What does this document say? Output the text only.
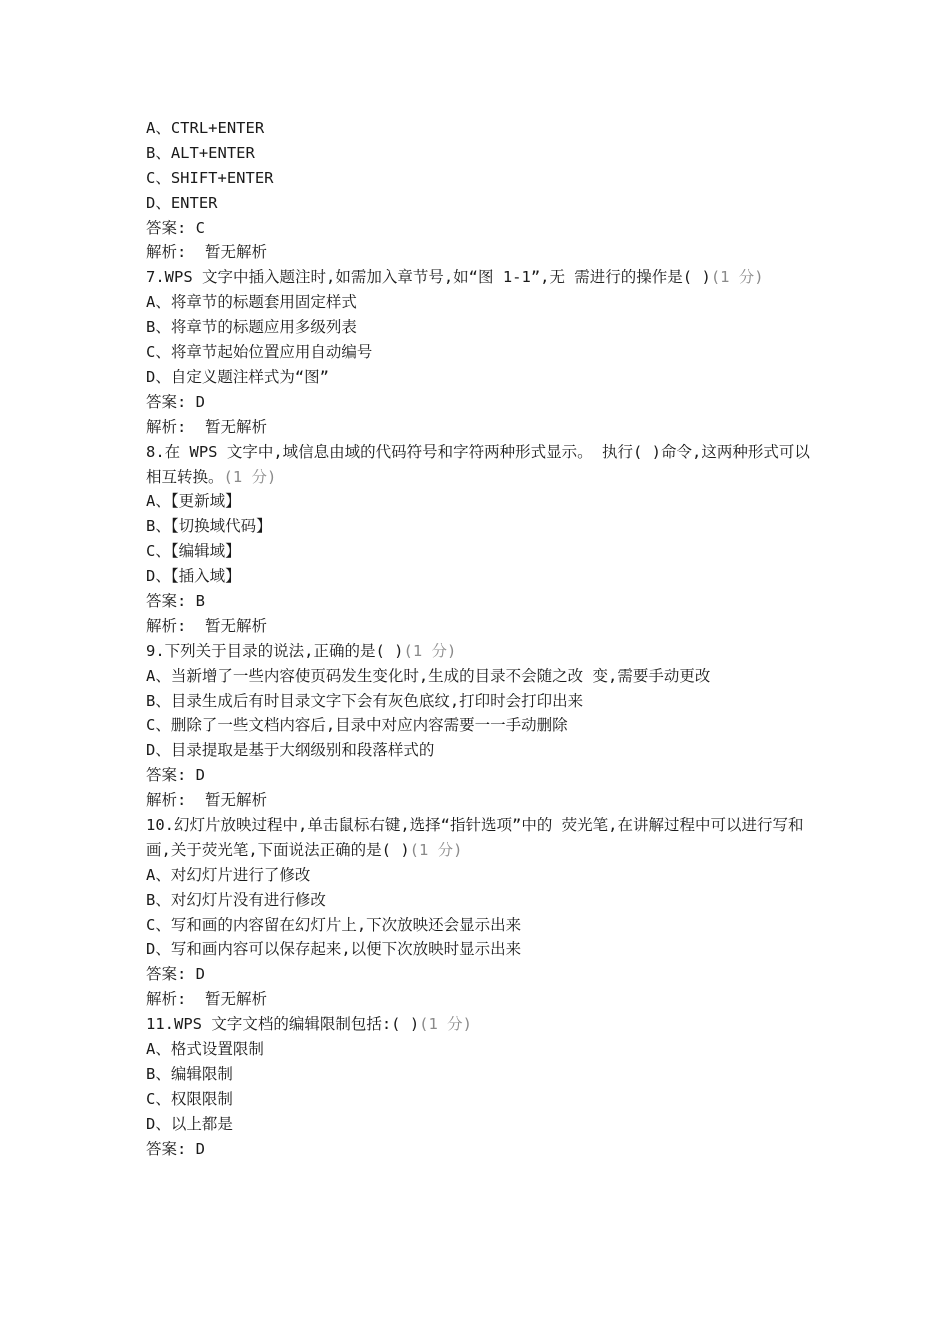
A、CTRL+ENTER
B、ALT+ENTER
C、SHIFT+ENTER
D、ENTER
答案: C
解析:  暂无解析
7.WPS 文字中插入题注时,如需加入章节号,如“图 1-1”,无 需进行的操作是( )(1 分)
A、将章节的标题套用固定样式
B、将章节的标题应用多级列表
C、将章节起始位置应用自动编号
D、自定义题注样式为“图”
答案: D
解析:  暂无解析
8.在 WPS 文字中,域信息由域的代码符号和字符两种形式显示。 执行( )命令,这两种形式可以相互转换。(1 分)
A、【更新域】
B、【切换域代码】
C、【编辑域】
D、【插入域】
答案: B
解析:  暂无解析
9.下列关于目录的说法,正确的是( )(1 分)
A、当新增了一些内容使页码发生变化时,生成的目录不会随之改 变,需要手动更改
B、目录生成后有时目录文字下会有灰色底纹,打印时会打印出来
C、删除了一些文档内容后,目录中对应内容需要一一手动删除
D、目录提取是基于大纲级别和段落样式的
答案: D
解析:  暂无解析
10.幻灯片放映过程中,单击鼠标右键,选择“指针选项”中的 荧光笔,在讲解过程中可以进行写和画,关于荧光笔,下面说法正确的是( )(1 分)
A、对幻灯片进行了修改
B、对幻灯片没有进行修改
C、写和画的内容留在幻灯片上,下次放映还会显示出来
D、写和画内容可以保存起来,以便下次放映时显示出来
答案: D
解析:  暂无解析
11.WPS 文字文档的编辑限制包括:( )(1 分)
A、格式设置限制
B、编辑限制
C、权限限制
D、以上都是
答案: D
